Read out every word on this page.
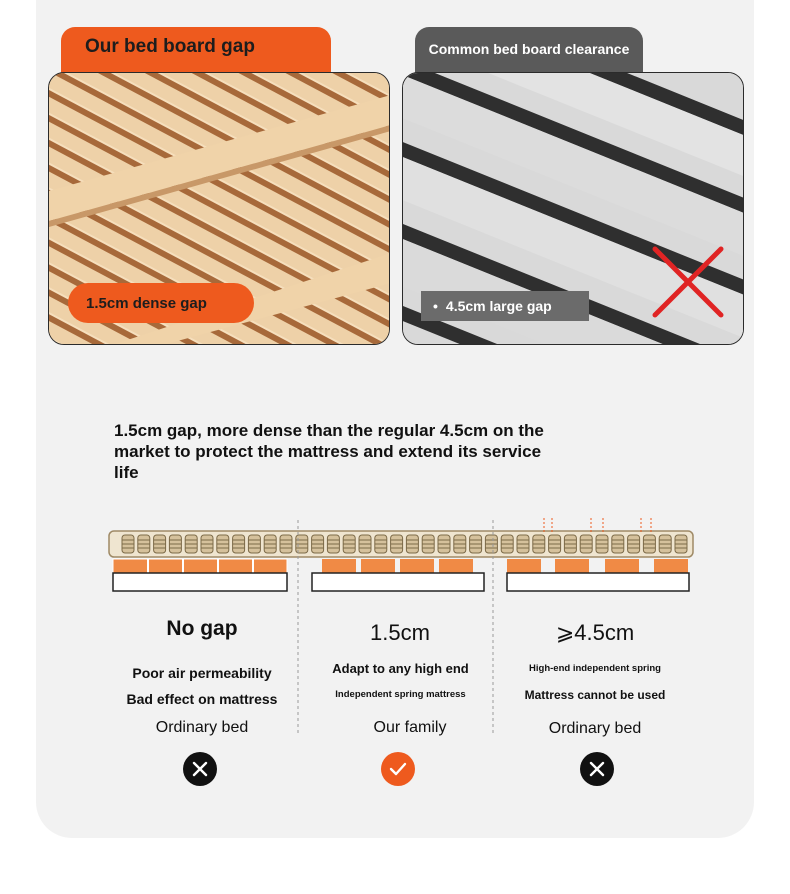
Our bed board gap	Common bed board clearance
1.5cm dense gap	• 4.5cm large gap
1.5cm gap, more dense than the regular 4.5cm on the market to protect the mattress and extend its service life
No gap
Poor air permeability
Bad effect on mattress
Ordinary bed
1.5cm
Adapt to any high end
Independent spring mattress
Our family
⩾4.5cm
High-end independent spring
Mattress cannot be used
Ordinary bed
